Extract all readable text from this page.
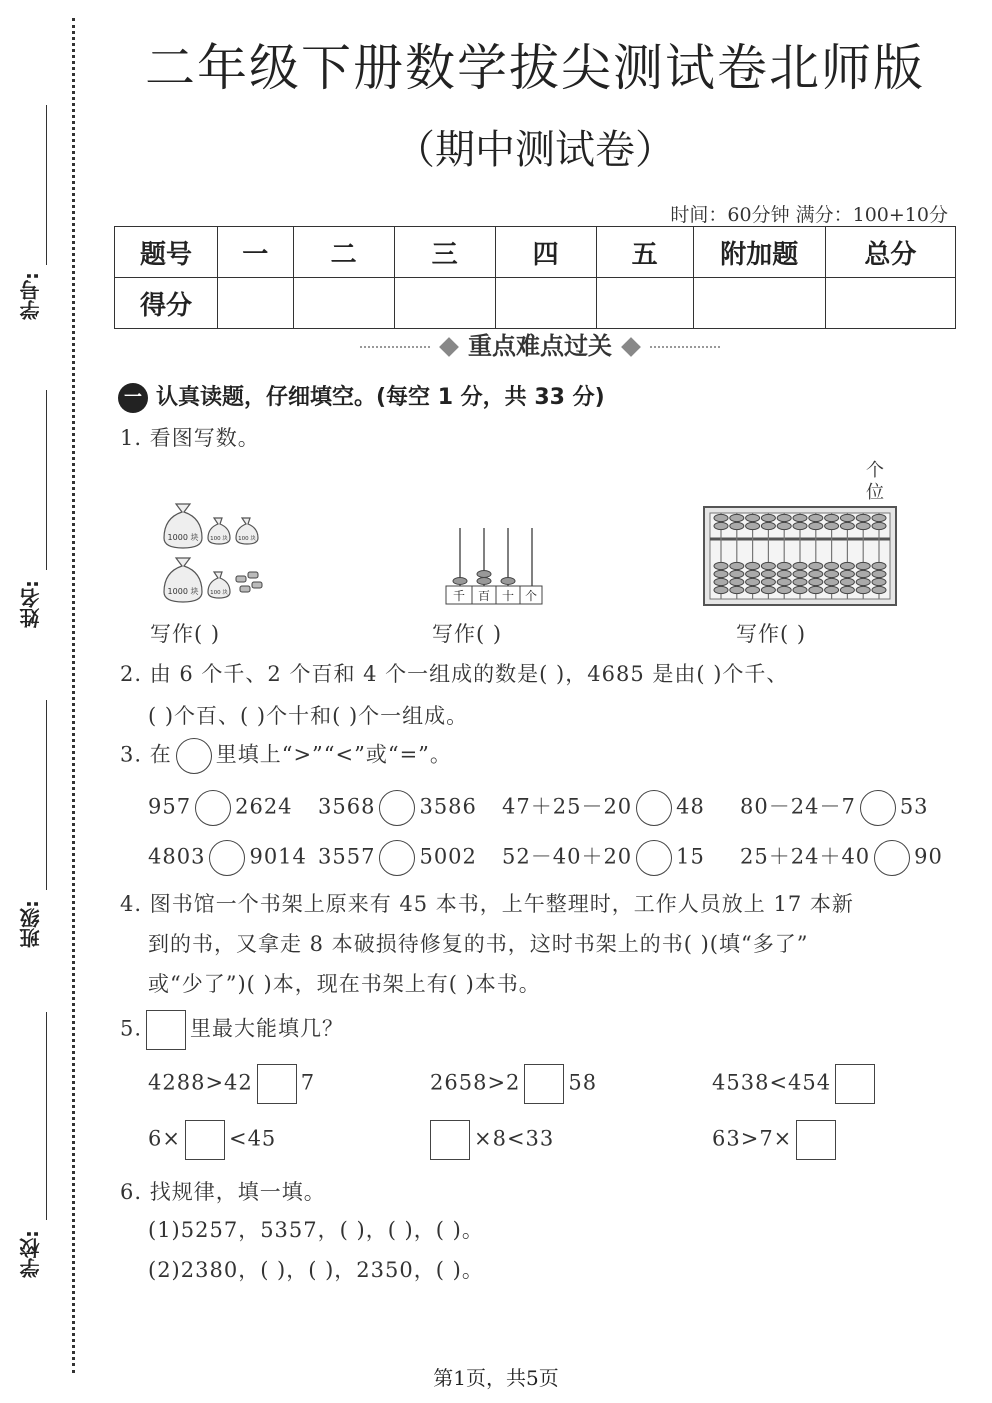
学号:
姓名:
班级:
学校:
二年级下册数学拔尖测试卷北师版
（期中测试卷）
时间：60分钟 满分：100+10分
题号	一	二	三	四	五	附加题	总分
得分							
重点难点过关
一 认真读题，仔细填空。(每空 1 分，共 33 分)
1. 看图写数。
1000 块 100 块 100 块
1000 块 100 块	千 百 十 个
个
位
写作( )	写作( )	写作( )
2. 由 6 个千、2 个百和 4 个一组成的数是( )，4685 是由( )个千、
( )个百、( )个十和( )个一组成。
3. 在 里填上“>”“<”或“=”。
957 2624 3568 3586 47＋25－20 48 80－24－7 53
4803 9014 3557 5002 52－40＋20 15 25＋24＋40 90
4. 图书馆一个书架上原来有 45 本书，上午整理时，工作人员放上 17 本新
到的书，又拿走 8 本破损待修复的书，这时书架上的书( )(填“多了”
或“少了”)( )本，现在书架上有( )本书。
5. 里最大能填几？
4288>42 7	2658>2 58	4538<454
6× <45	×8<33	63>7×
6. 找规律，填一填。
(1)5257，5357，( )，( )，( )。
(2)2380，( )，( )，2350，( )。
第1页，共5页
